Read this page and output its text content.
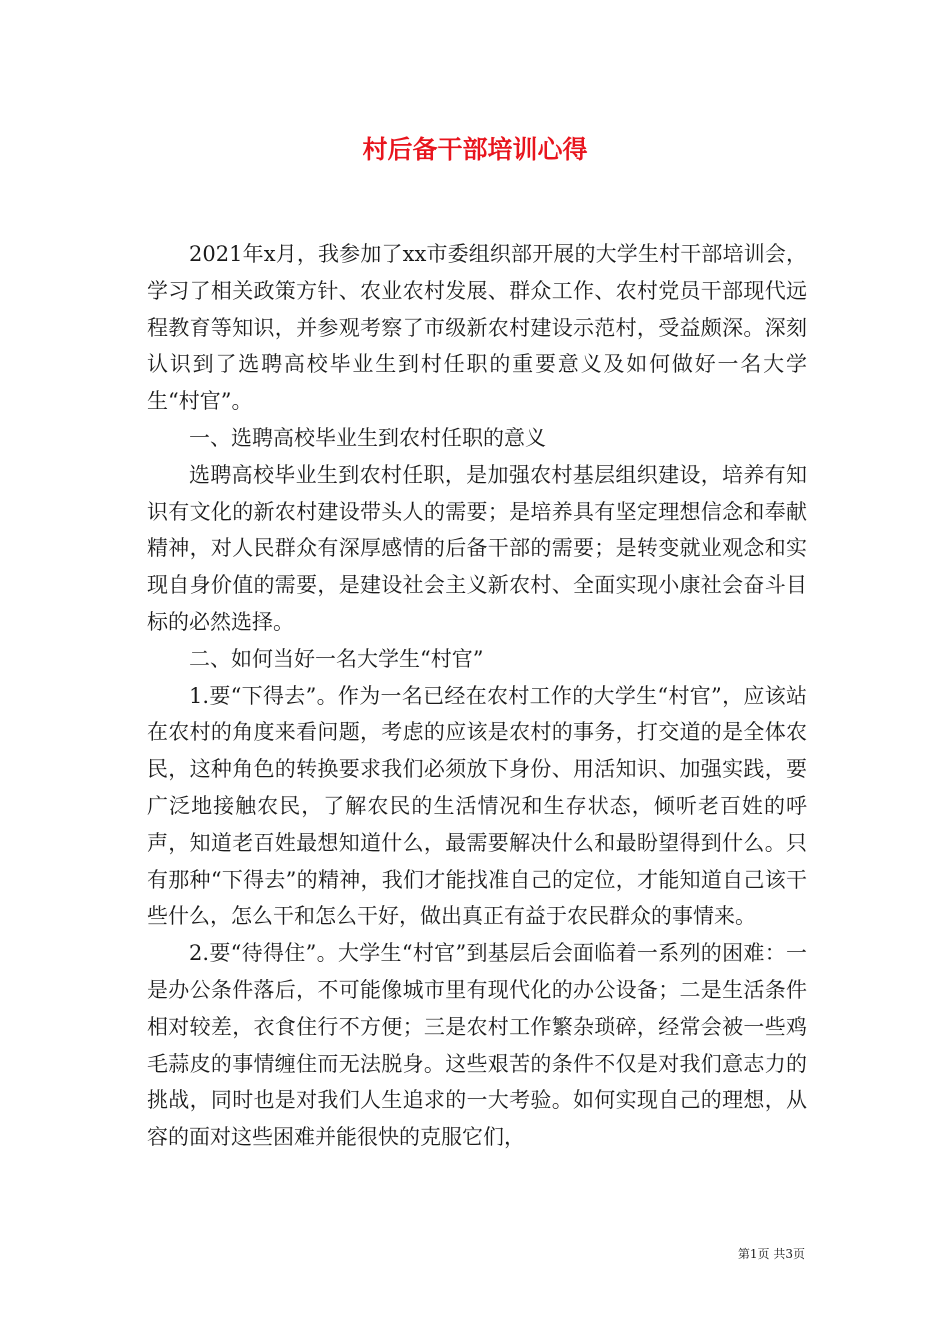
村后备干部培训心得

2021年x月，我参加了xx市委组织部开展的大学生村干部培训会，学习了相关政策方针、农业农村发展、群众工作、农村党员干部现代远程教育等知识，并参观考察了市级新农村建设示范村，受益颇深。深刻认识到了选聘高校毕业生到村任职的重要意义及如何做好一名大学生“村官”。

一、选聘高校毕业生到农村任职的意义

选聘高校毕业生到农村任职，是加强农村基层组织建设，培养有知识有文化的新农村建设带头人的需要；是培养具有坚定理想信念和奉献精神，对人民群众有深厚感情的后备干部的需要；是转变就业观念和实现自身价值的需要，是建设社会主义新农村、全面实现小康社会奋斗目标的必然选择。

二、如何当好一名大学生“村官”

1.要“下得去”。作为一名已经在农村工作的大学生“村官”，应该站在农村的角度来看问题，考虑的应该是农村的事务，打交道的是全体农民，这种角色的转换要求我们必须放下身份、用活知识、加强实践，要广泛地接触农民，了解农民的生活情况和生存状态，倾听老百姓的呼声，知道老百姓最想知道什么，最需要解决什么和最盼望得到什么。只有那种“下得去”的精神，我们才能找准自己的定位，才能知道自己该干些什么，怎么干和怎么干好，做出真正有益于农民群众的事情来。

2.要“待得住”。大学生“村官”到基层后会面临着一系列的困难：一是办公条件落后，不可能像城市里有现代化的办公设备；二是生活条件相对较差，衣食住行不方便；三是农村工作繁杂琐碎，经常会被一些鸡毛蒜皮的事情缠住而无法脱身。这些艰苦的条件不仅是对我们意志力的挑战，同时也是对我们人生追求的一大考验。如何实现自己的理想，从容的面对这些困难并能很快的克服它们，

第1页 共3页
